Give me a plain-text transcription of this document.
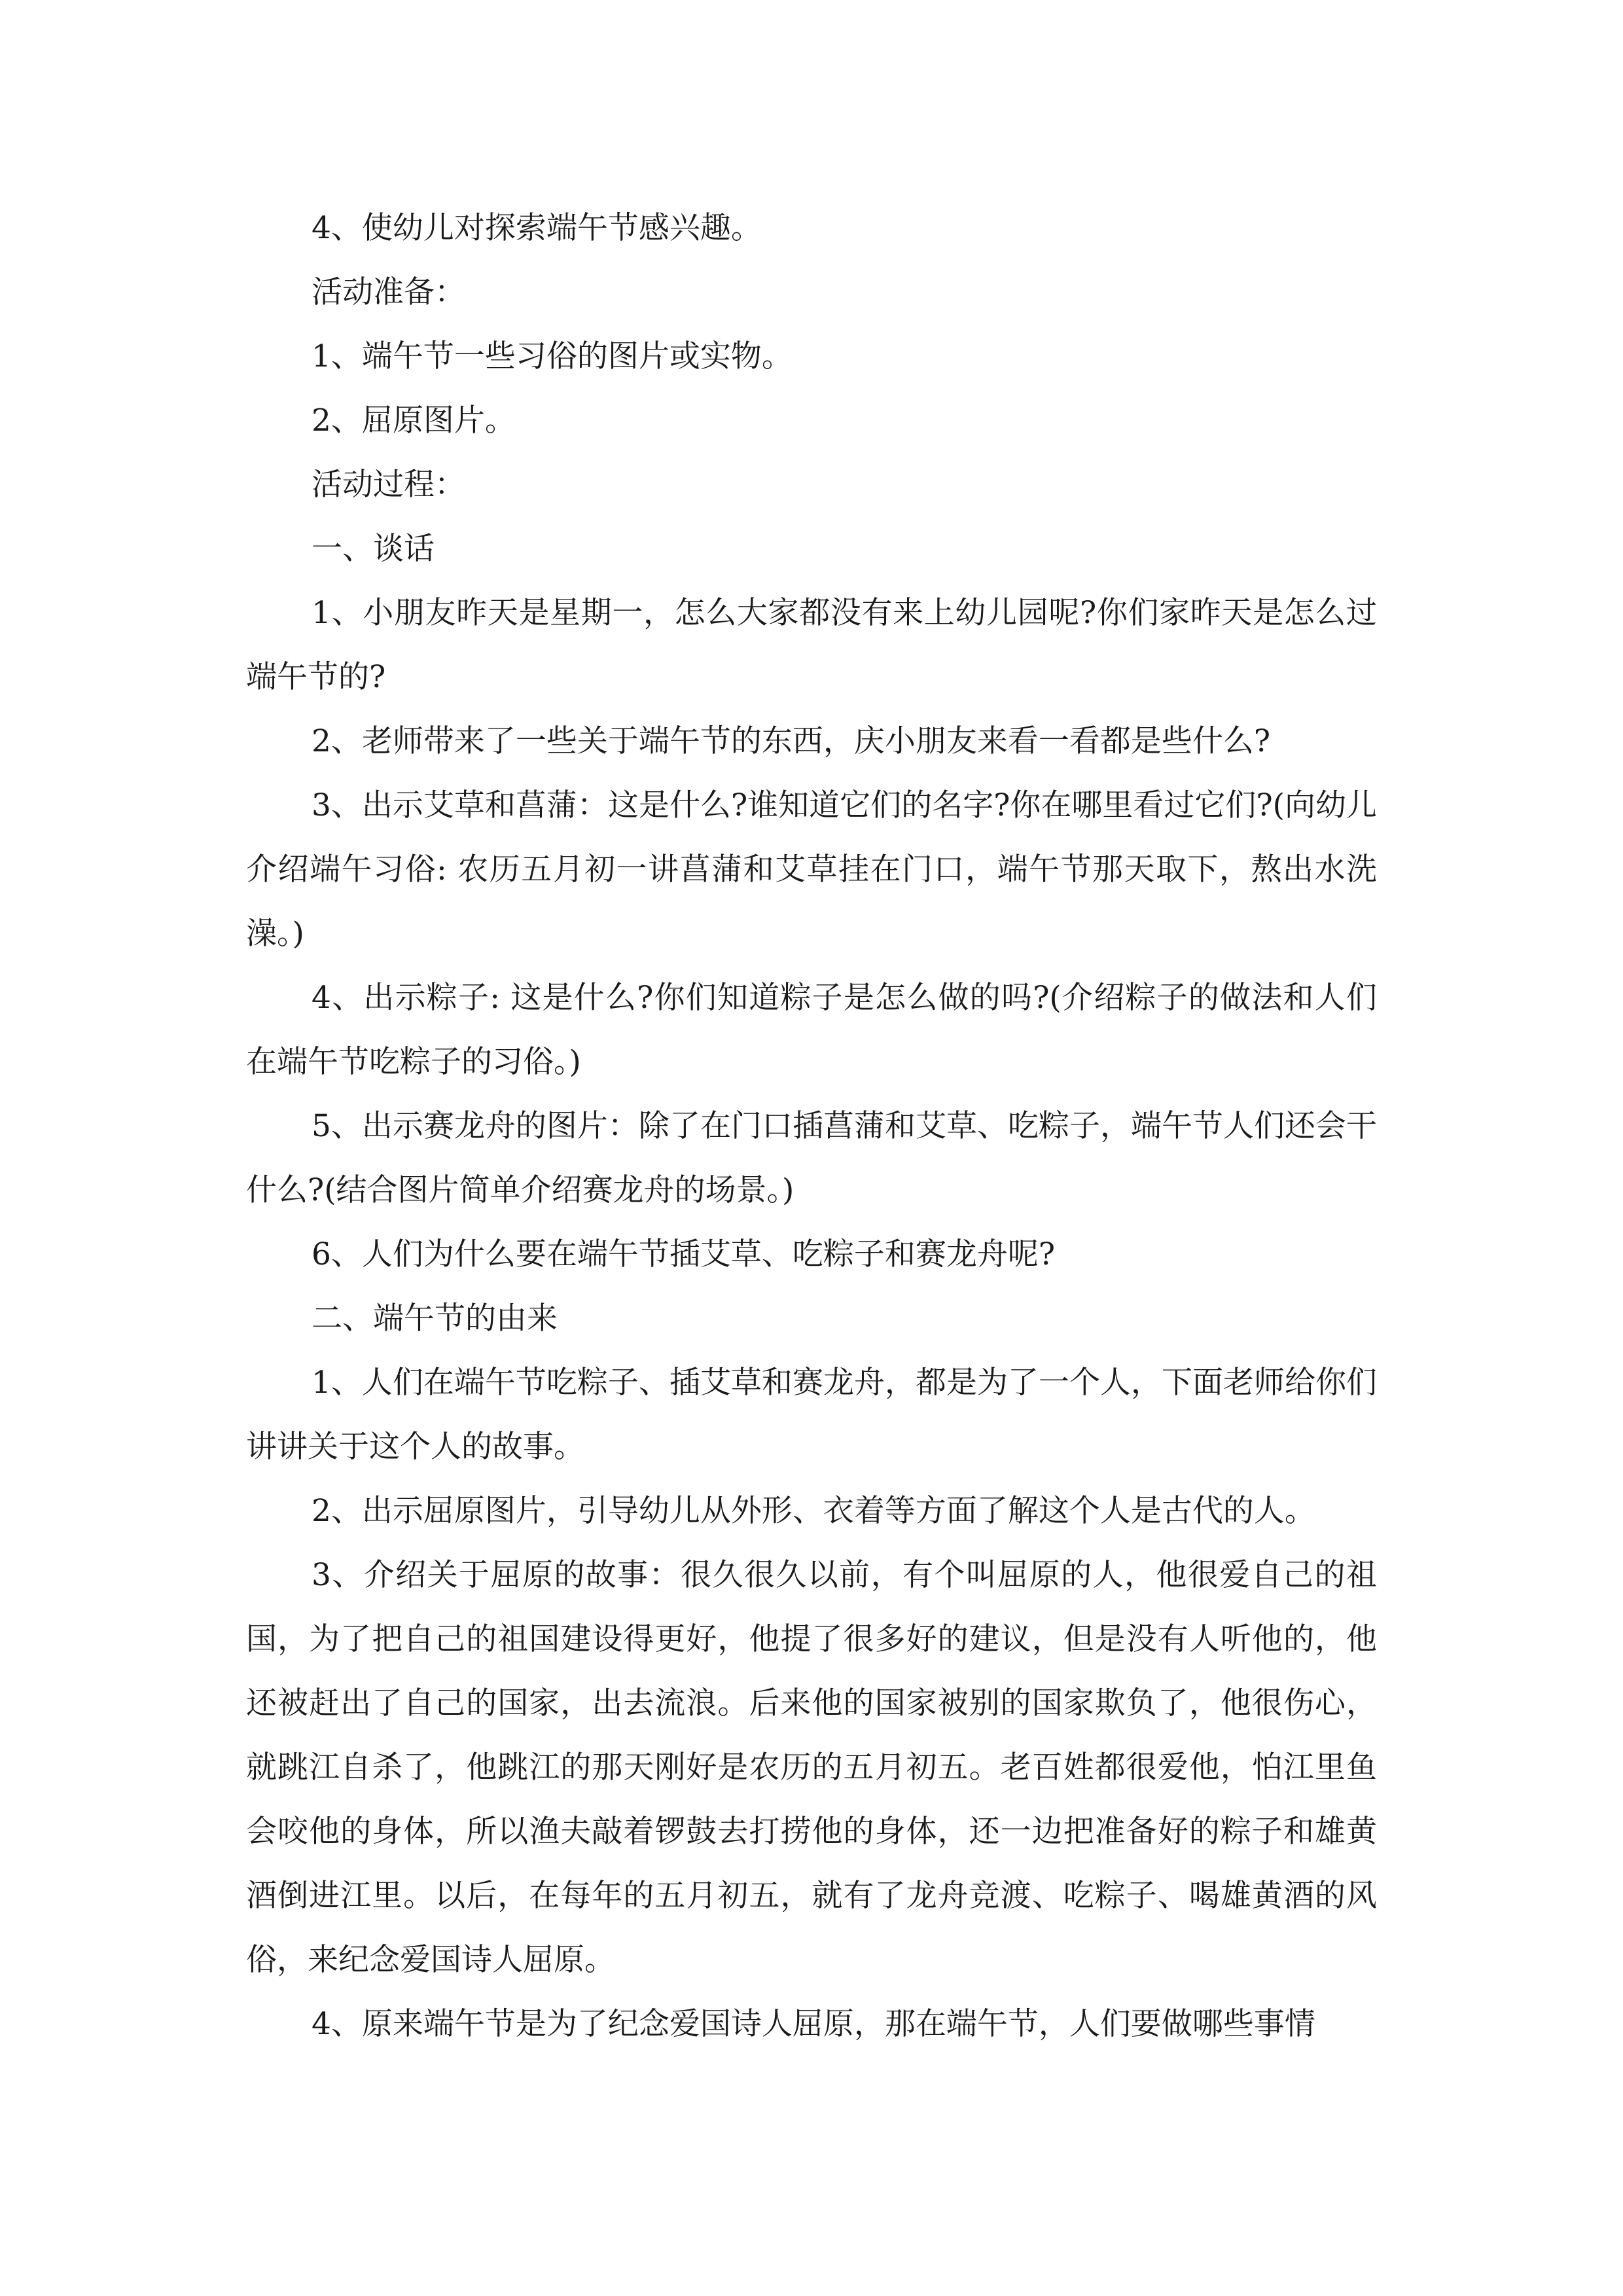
4、使幼儿对探索端午节感兴趣。

活动准备：

1、端午节一些习俗的图片或实物。

2、屈原图片。

活动过程：

一、谈话

1、小朋友昨天是星期一，怎么大家都没有来上幼儿园呢?你们家昨天是怎么过端午节的?

2、老师带来了一些关于端午节的东西，庆小朋友来看一看都是些什么?

3、出示艾草和菖蒲：这是什么?谁知道它们的名字?你在哪里看过它们?(向幼儿介绍端午习俗: 农历五月初一讲菖蒲和艾草挂在门口，端午节那天取下，熬出水洗澡。)

4、出示粽子: 这是什么?你们知道粽子是怎么做的吗?(介绍粽子的做法和人们在端午节吃粽子的习俗。)

5、出示赛龙舟的图片：除了在门口插菖蒲和艾草、吃粽子，端午节人们还会干什么?(结合图片简单介绍赛龙舟的场景。)

6、人们为什么要在端午节插艾草、吃粽子和赛龙舟呢?

二、端午节的由来

1、人们在端午节吃粽子、插艾草和赛龙舟，都是为了一个人，下面老师给你们讲讲关于这个人的故事。

2、出示屈原图片，引导幼儿从外形、衣着等方面了解这个人是古代的人。

3、介绍关于屈原的故事：很久很久以前，有个叫屈原的人，他很爱自己的祖国，为了把自己的祖国建设得更好，他提了很多好的建议，但是没有人听他的，他还被赶出了自己的国家，出去流浪。后来他的国家被别的国家欺负了，他很伤心，就跳江自杀了，他跳江的那天刚好是农历的五月初五。老百姓都很爱他，怕江里鱼会咬他的身体，所以渔夫敲着锣鼓去打捞他的身体，还一边把准备好的粽子和雄黄酒倒进江里。以后，在每年的五月初五，就有了龙舟竞渡、吃粽子、喝雄黄酒的风俗，来纪念爱国诗人屈原。

4、原来端午节是为了纪念爱国诗人屈原，那在端午节，人们要做哪些事情
